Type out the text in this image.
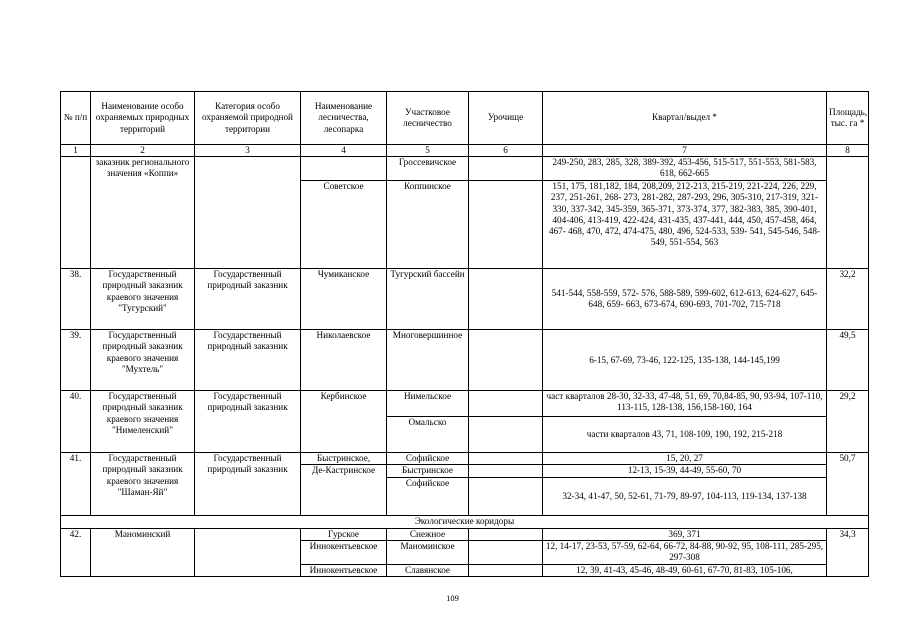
№ п/п	Наименование особо охраняемых природных территорий	Категория особо охраняемой природной территории	Наименование лесничества, лесопарка	Участковое лесничество	Урочище	Квартал/выдел *	Площадь, тыс. га *
1	2	3	4	5	6	7	8
	заказник регионального значения «Коппи»			Гроссевичское		249-250, 283, 285, 328, 389-392, 453-456, 515-517, 551-553, 581-583, 618, 662-665	
			Советское	Коппинское		151, 175, 181,182, 184, 208,209, 212-213, 215-219, 221-224, 226, 229, 237, 251-261, 268- 273, 281-282, 287-293, 296, 305-310, 217-319, 321-330, 337-342, 345-359, 365-371, 373-374, 377, 382-383, 385, 390-401, 404-406, 413-419, 422-424, 431-435, 437-441, 444, 450, 457-458, 464, 467- 468, 470, 472, 474-475, 480, 496, 524-533, 539- 541, 545-546, 548-549, 551-554, 563	
38.	Государственный природный заказник краевого значения "Тугурский"	Государственный природный заказник	Чумиканское	Тугурский бассейн		541-544, 558-559, 572- 576, 588-589, 599-602, 612-613, 624-627, 645-648, 659- 663, 673-674, 690-693, 701-702, 715-718	32,2
39.	Государственный природный заказник краевого значения "Мухтель"	Государственный природный заказник	Николаевское	Многовершинное		6-15, 67-69, 73-46, 122-125, 135-138, 144-145,199	49,5
40.	Государственный природный заказник краевого значения "Нимеленский"	Государственный природный заказник	Кербинское	Нимельское		част кварталов 28-30, 32-33, 47-48, 51, 69, 70,84-85, 90, 93-94, 107-110, 113-115, 128-138, 156,158-160, 164	29,2
				Омальско		части кварталов 43, 71, 108-109, 190, 192, 215-218	
41.	Государственный природный заказник краевого значения "Шаман-Яй"	Государственный природный заказник	Быстринское,	Софийское		15, 20, 27	50,7
			Де-Кастринское	Быстринское		12-13, 15-39, 44-49, 55-60, 70	
				Софийское		32-34, 41-47, 50, 52-61, 71-79, 89-97, 104-113, 119-134, 137-138	
Экологические коридоры							
42.	Маноминский		Гурское	Снежное		369, 371	34,3
			Иннокентьевское	Маноминское		12, 14-17, 23-53, 57-59, 62-64, 66-72, 84-88, 90-92, 95, 108-111, 285-295, 297-308	
			Иннокентьевское	Славянское		12, 39, 41-43, 45-46, 48-49, 60-61, 67-70, 81-83, 105-106,	
109
